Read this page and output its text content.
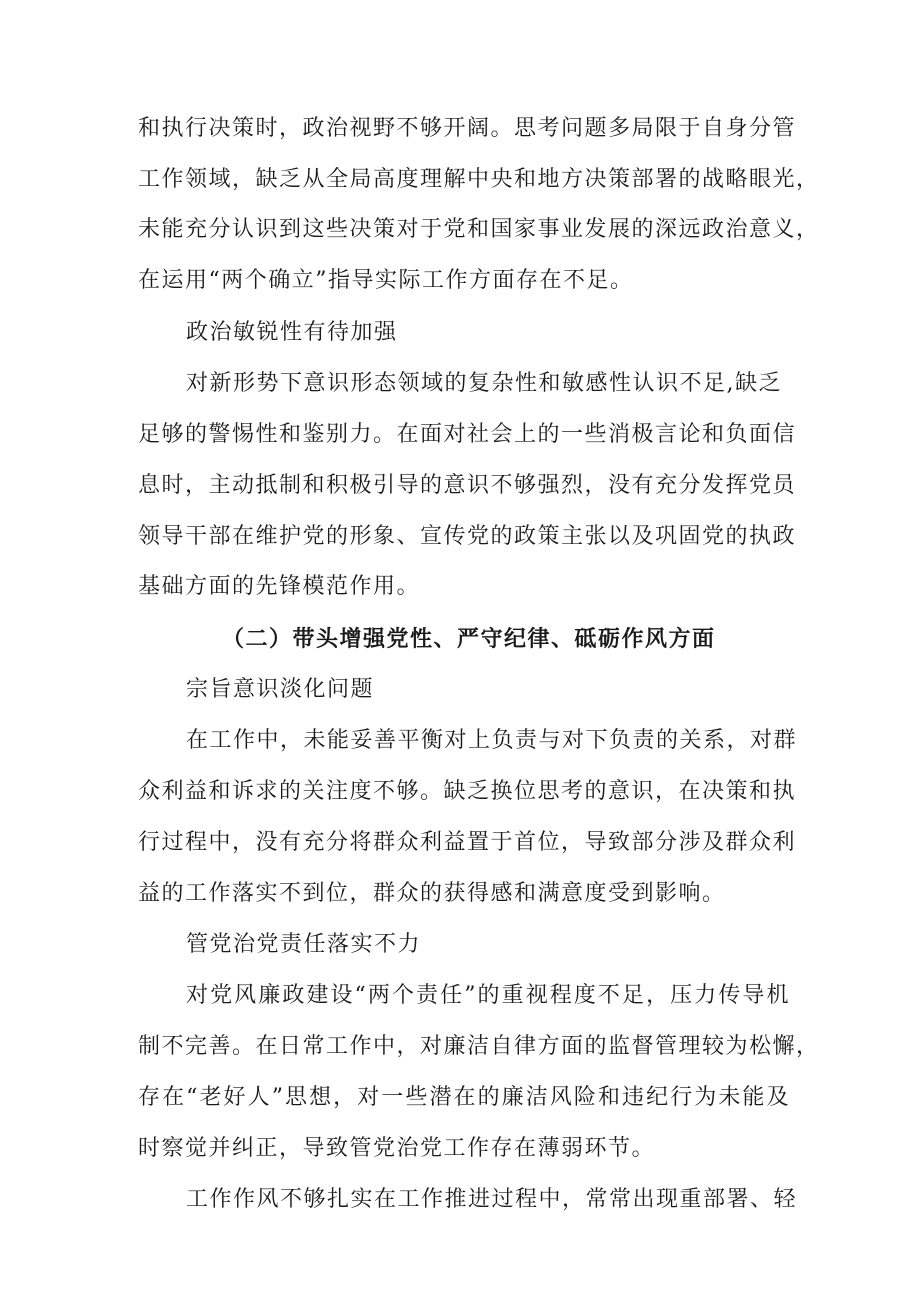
和执行决策时，政治视野不够开阔。思考问题多局限于自身分管
工作领域，缺乏从全局高度理解中央和地方决策部署的战略眼光，
未能充分认识到这些决策对于党和国家事业发展的深远政治意义，
在运用“两个确立”指导实际工作方面存在不足。
政治敏锐性有待加强
对新形势下意识形态领域的复杂性和敏感性认识不足,缺乏
足够的警惕性和鉴别力。在面对社会上的一些消极言论和负面信
息时，主动抵制和积极引导的意识不够强烈，没有充分发挥党员
领导干部在维护党的形象、宣传党的政策主张以及巩固党的执政
基础方面的先锋模范作用。
（二）带头增强党性、严守纪律、砥砺作风方面
宗旨意识淡化问题
在工作中，未能妥善平衡对上负责与对下负责的关系，对群
众利益和诉求的关注度不够。缺乏换位思考的意识，在决策和执
行过程中，没有充分将群众利益置于首位，导致部分涉及群众利
益的工作落实不到位，群众的获得感和满意度受到影响。
管党治党责任落实不力
对党风廉政建设“两个责任”的重视程度不足，压力传导机
制不完善。在日常工作中，对廉洁自律方面的监督管理较为松懈，
存在“老好人”思想，对一些潜在的廉洁风险和违纪行为未能及
时察觉并纠正，导致管党治党工作存在薄弱环节。
工作作风不够扎实在工作推进过程中，常常出现重部署、轻
